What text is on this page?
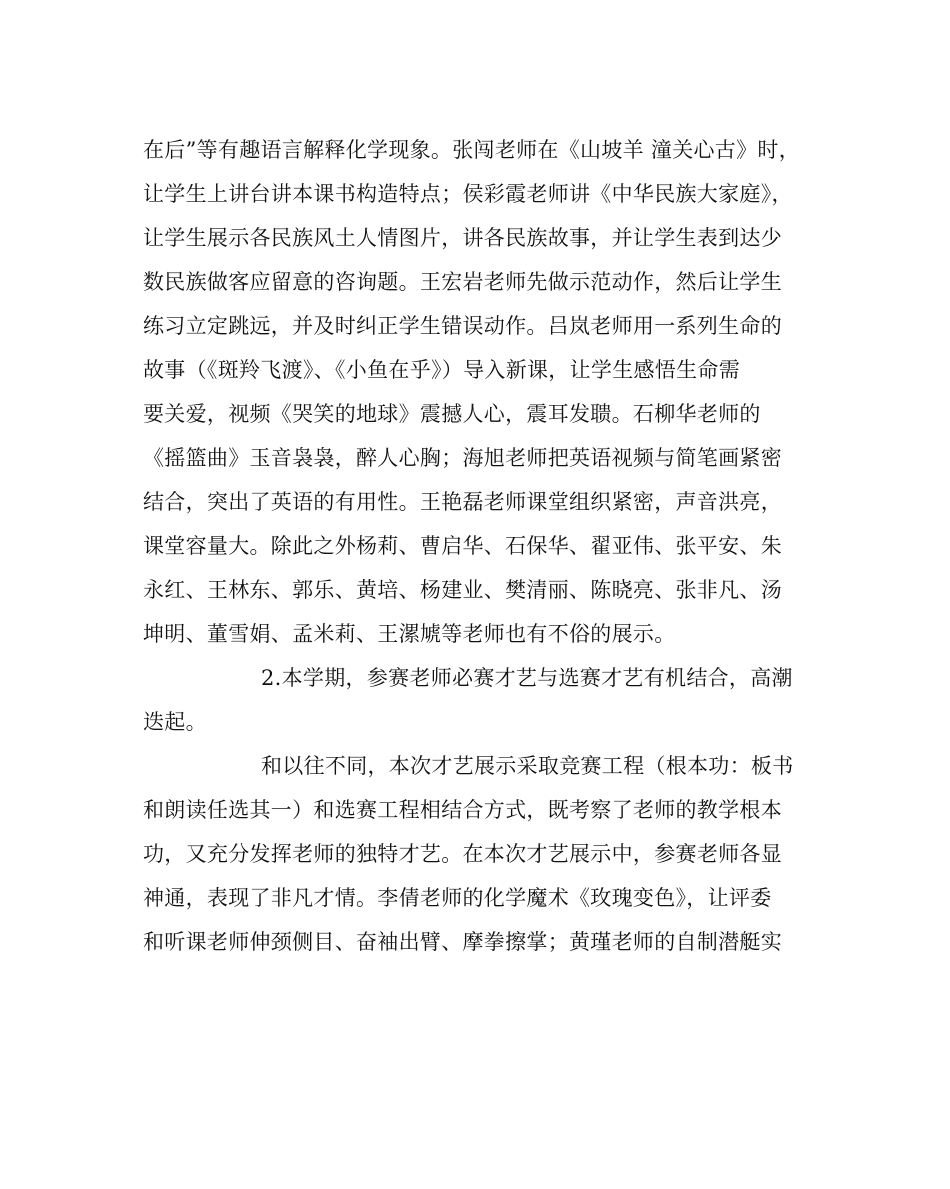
在后”等有趣语言解释化学现象。张闯老师在《山坡羊 潼关心古》时，
让学生上讲台讲本课书构造特点；侯彩霞老师讲《中华民族大家庭》，
让学生展示各民族风土人情图片，讲各民族故事，并让学生表到达少
数民族做客应留意的咨询题。王宏岩老师先做示范动作，然后让学生
练习立定跳远，并及时纠正学生错误动作。吕岚老师用一系列生命的
故事（《斑羚飞渡》、《小鱼在乎》）导入新课，让学生感悟生命需
要关爱，视频《哭笑的地球》震撼人心，震耳发聩。石柳华老师的
《摇篮曲》玉音袅袅，醉人心胸；海旭老师把英语视频与简笔画紧密
结合，突出了英语的有用性。王艳磊老师课堂组织紧密，声音洪亮，
课堂容量大。除此之外杨莉、曹启华、石保华、翟亚伟、张平安、朱
永红、王林东、郭乐、黄培、杨建业、樊清丽、陈晓亮、张非凡、汤
坤明、董雪娟、孟米莉、王漯虓等老师也有不俗的展示。
2.本学期，参赛老师必赛才艺与选赛才艺有机结合，高潮
迭起。
和以往不同，本次才艺展示采取竞赛工程（根本功：板书
和朗读任选其一）和选赛工程相结合方式，既考察了老师的教学根本
功，又充分发挥老师的独特才艺。在本次才艺展示中，参赛老师各显
神通，表现了非凡才情。李倩老师的化学魔术《玫瑰变色》，让评委
和听课老师伸颈侧目、奋袖出臂、摩拳擦掌；黄瑾老师的自制潜艇实
